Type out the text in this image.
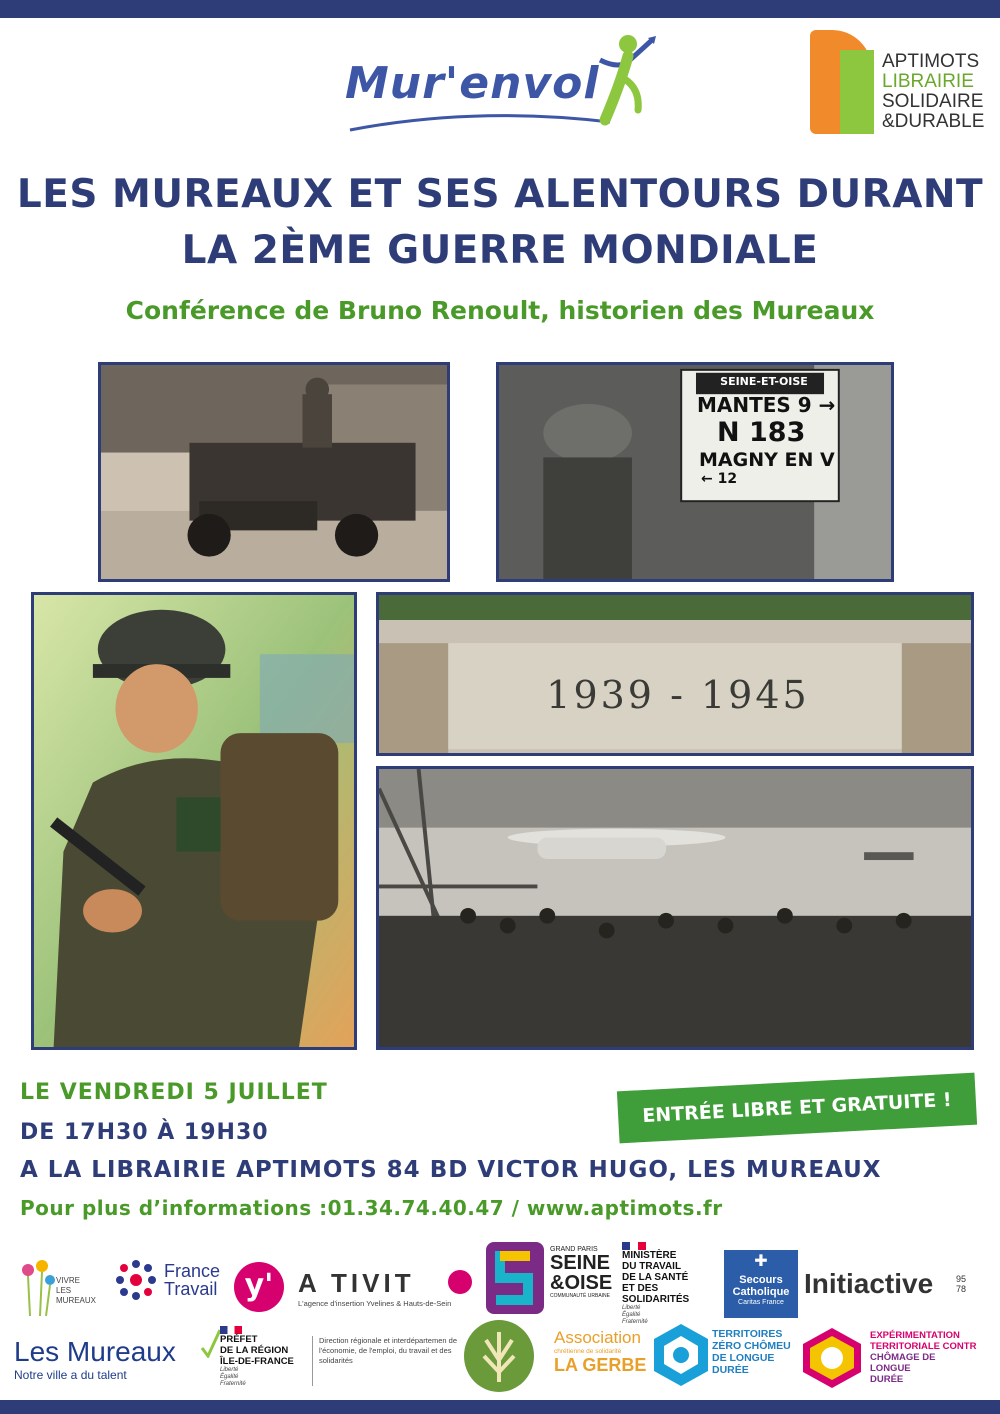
Mur'envol	APTIMOTS
LIBRAIRIE
SOLIDAIRE
&DURABLE
LES MUREAUX ET SES ALENTOURS DURANT
LA 2ÈME GUERRE MONDIALE
Conférence de Bruno Renoult, historien des Mureaux
SEINE-ET-OISE
MANTES 9 →
N 183
MAGNY EN V
← 12
1939 - 1945
LE VENDREDI 5 JUILLET
DE 17H30 À 19H30
A LA LIBRAIRIE APTIMOTS 84 BD VICTOR HUGO, LES MUREAUX
Pour plus d’informations :01.34.74.40.47 / www.aptimots.fr
ENTRÉE LIBRE ET GRATUITE !
VIVRE
LES
MUREAUX
France
Travail y' A TIVIT
L'agence d'insertion Yvelines & Hauts-de-Sein
GRAND PARIS
SEINE
&OISE
COMMUNAUTÉ URBAINE
MINISTÈRE
DU TRAVAIL
DE LA SANTÉ
ET DES SOLIDARITÉS
Liberté
Égalité
Fraternité
✚
Secours
Catholique
Caritas France
Initiactive	95
78
Les Mureaux
Notre ville a du talent
PRÉFET
DE LA RÉGION
ÎLE-DE-FRANCE
Liberté
Égalité
Fraternité
Direction régionale et interdépartemen de l'économie, de l'emploi, du travail et des solidarités
Association
chrétienne de solidarité
LA GERBE
TERRITOIRES
ZÉRO CHÔMEU
DE LONGUE
DURÉE
EXPÉRIMENTATION
TERRITORIALE CONTR
CHÔMAGE DE
LONGUE
DURÉE
